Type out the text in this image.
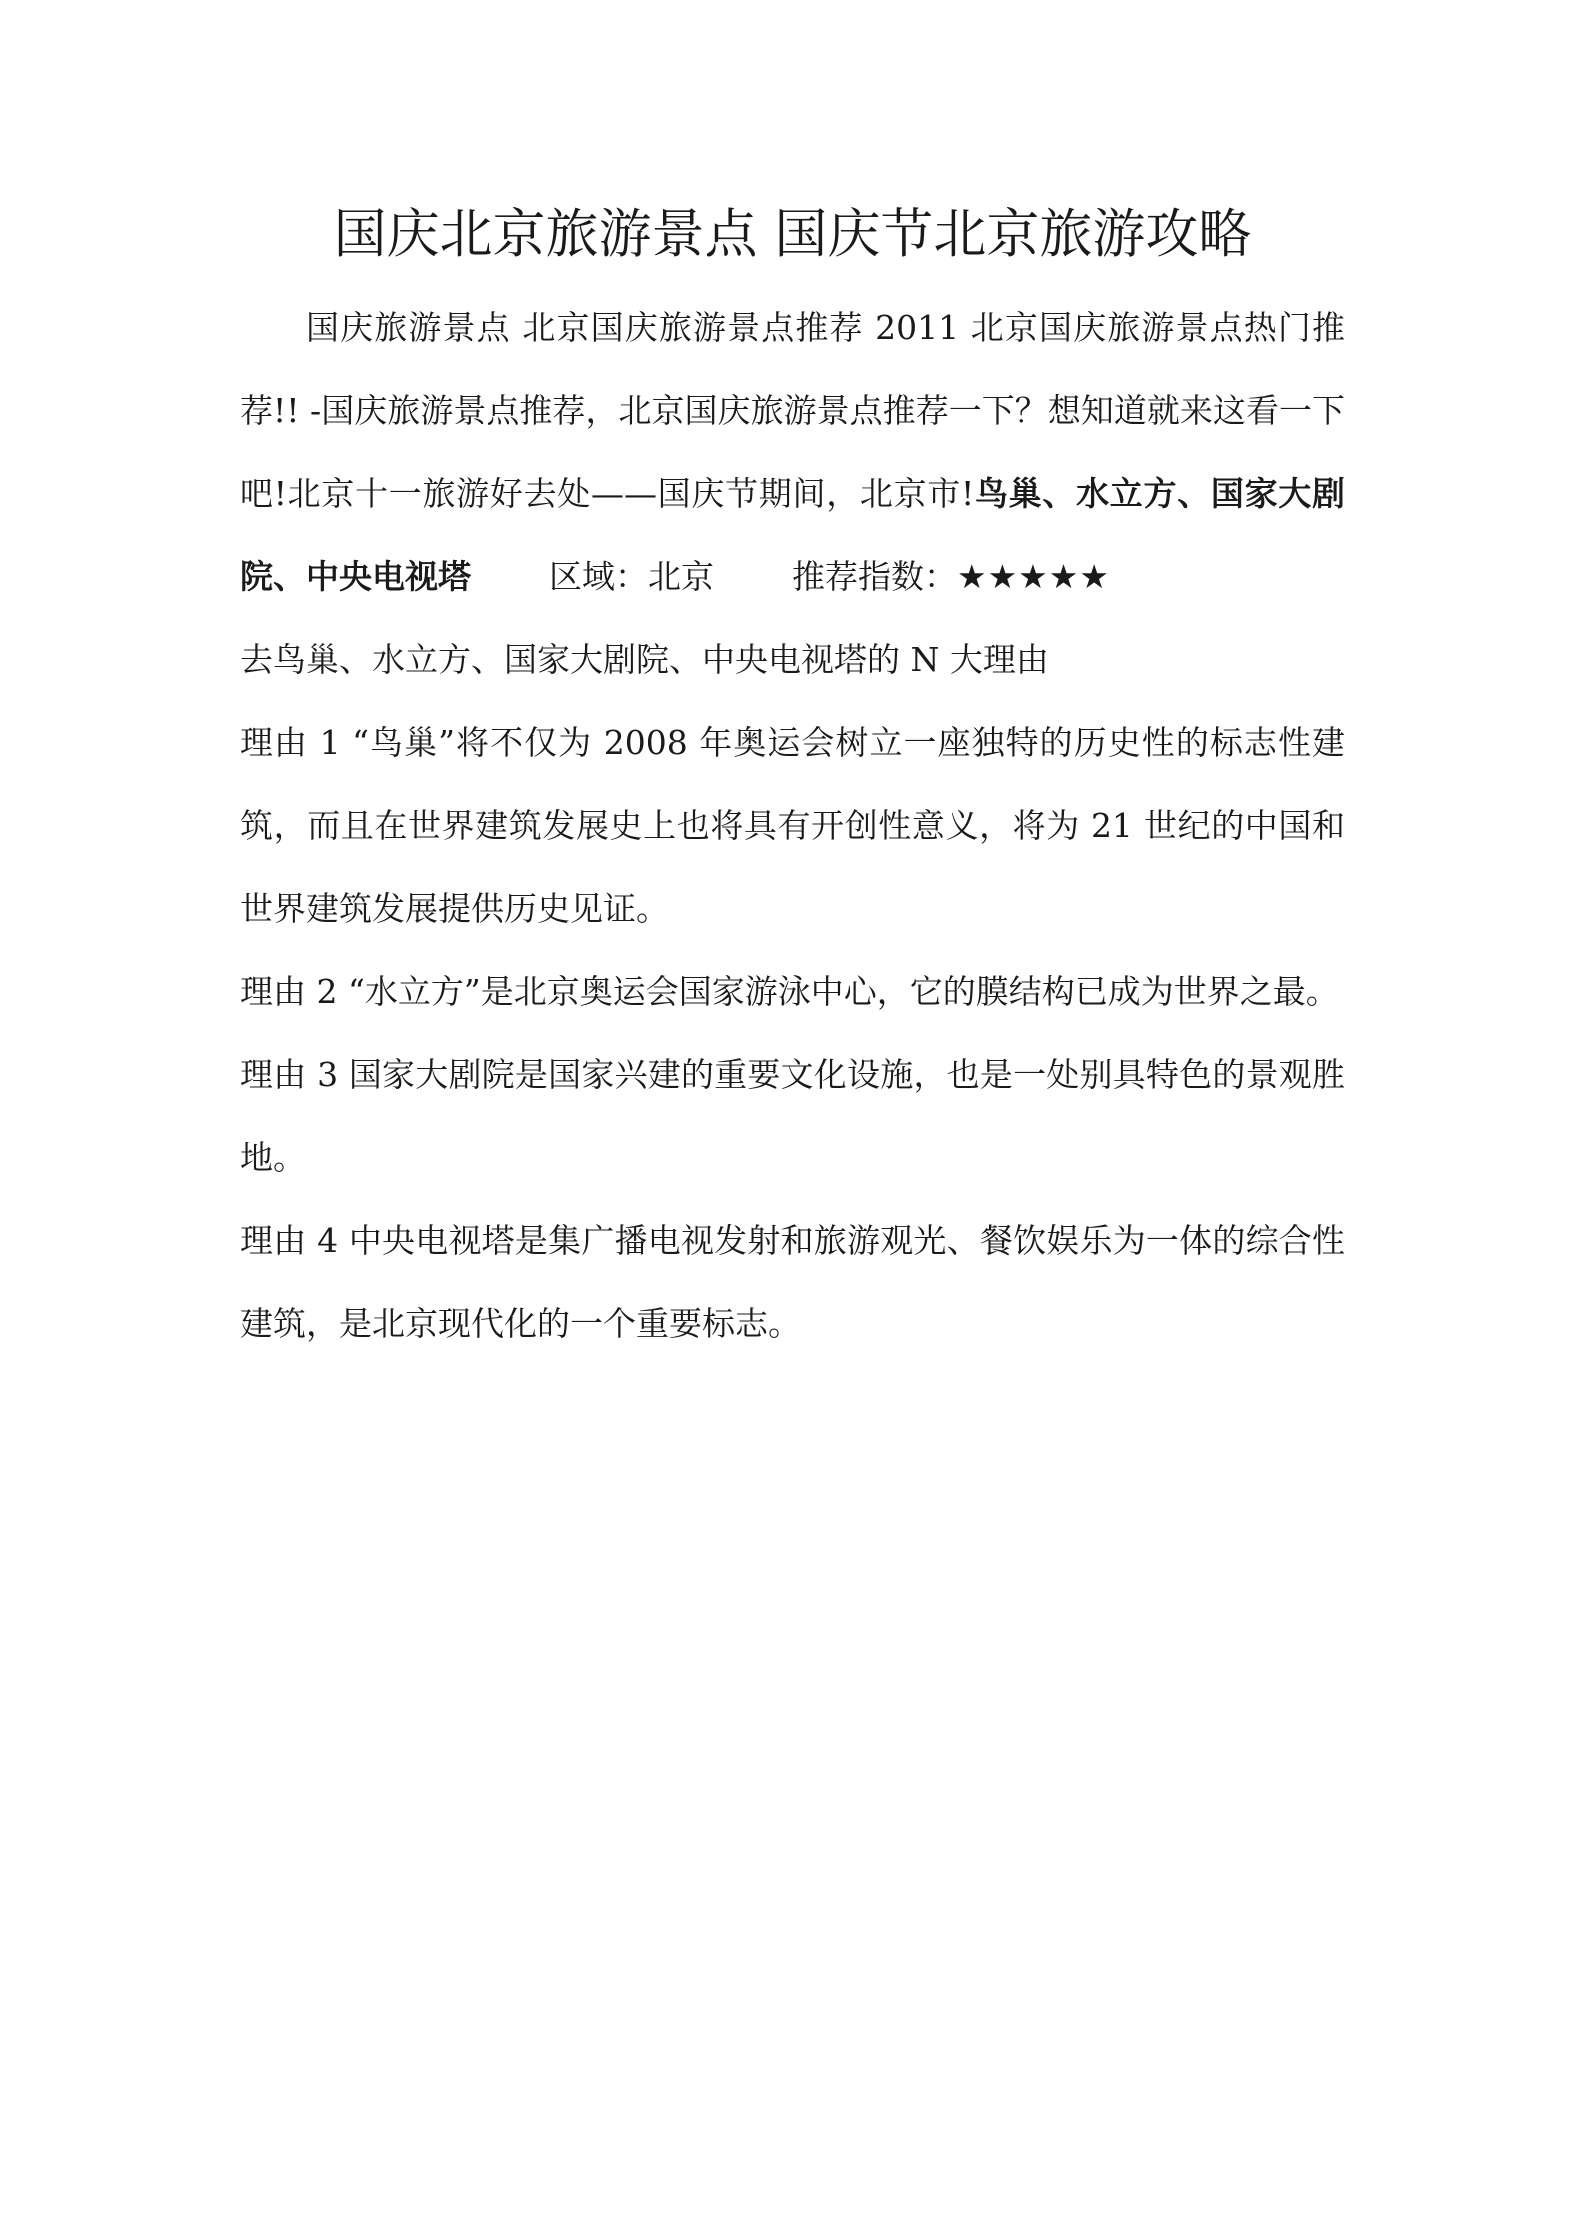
国庆北京旅游景点 国庆节北京旅游攻略

国庆旅游景点 北京国庆旅游景点推荐 2011 北京国庆旅游景点热门推荐!! -国庆旅游景点推荐，北京国庆旅游景点推荐一下？想知道就来这看一下吧!北京十一旅游好去处——国庆节期间，北京市!鸟巢、水立方、国家大剧院、中央电视塔 区域：北京 推荐指数：★★★★★

去鸟巢、水立方、国家大剧院、中央电视塔的 N 大理由

理由 1 “鸟巢”将不仅为 2008 年奥运会树立一座独特的历史性的标志性建筑，而且在世界建筑发展史上也将具有开创性意义，将为 21 世纪的中国和世界建筑发展提供历史见证。

理由 2 “水立方”是北京奥运会国家游泳中心，它的膜结构已成为世界之最。

理由 3 国家大剧院是国家兴建的重要文化设施，也是一处别具特色的景观胜地。

理由 4 中央电视塔是集广播电视发射和旅游观光、餐饮娱乐为一体的综合性建筑，是北京现代化的一个重要标志。
